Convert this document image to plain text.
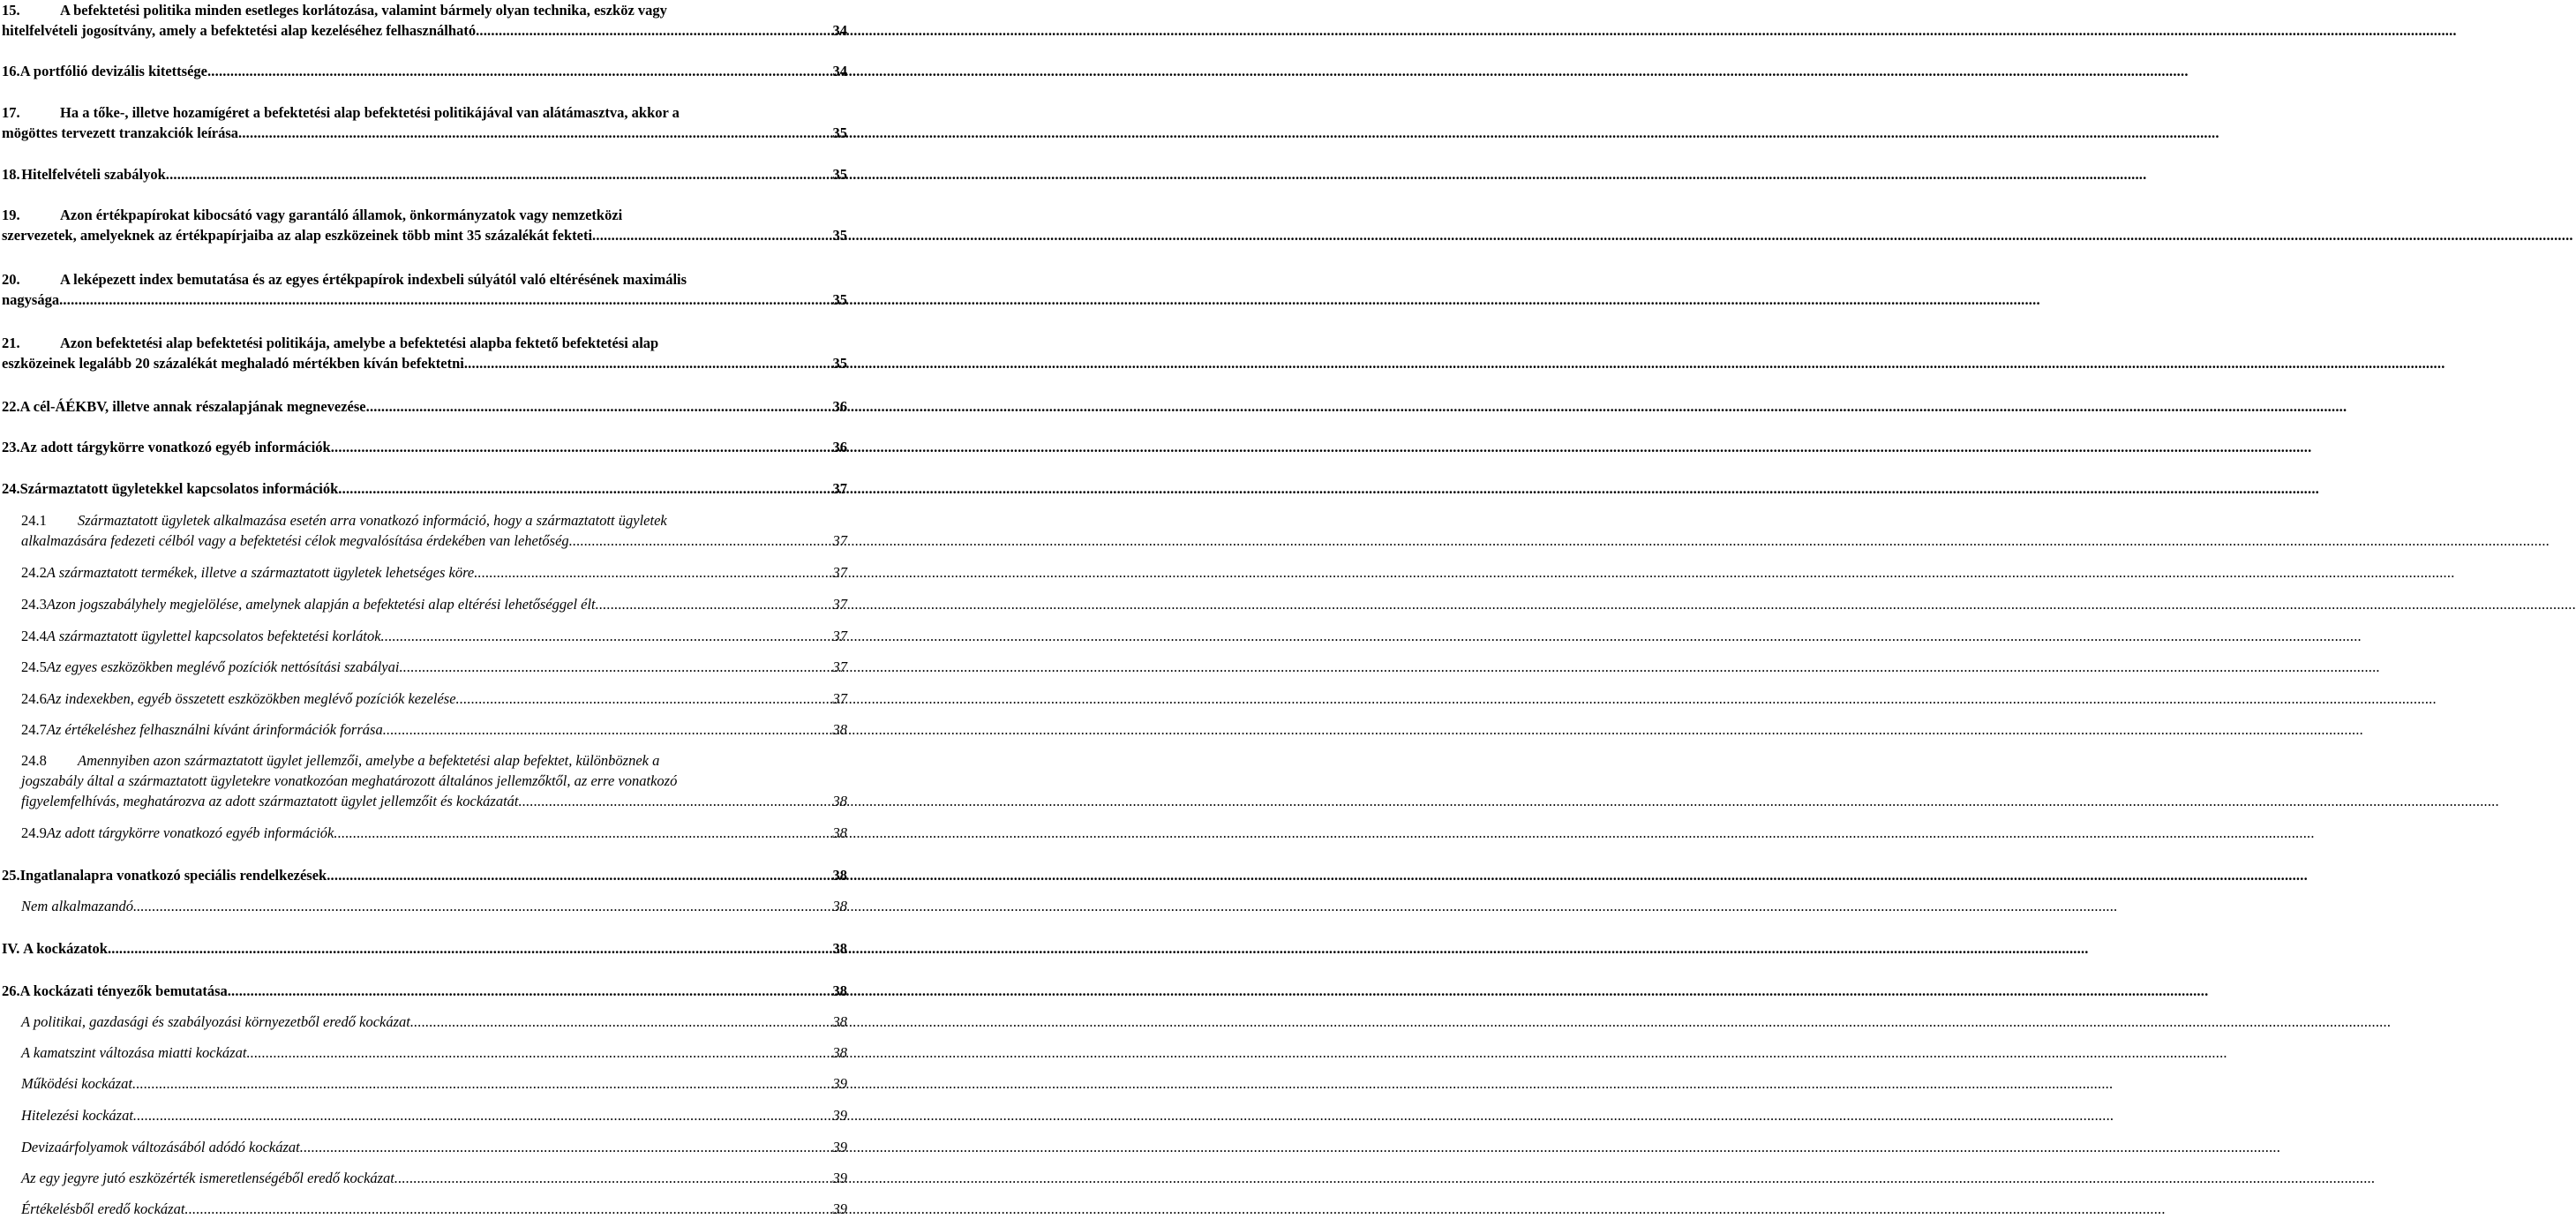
15.	A befektetési politika minden esetleges korlátozása, valamint bármely olyan technika, eszköz vagy
hitelfelvételi jogosítvány, amely a befektetési alap kezeléséhez felhasználható .....	34
16. A portfólió devizális kitettsége .....	34
17.	Ha a tőke-, illetve hozamígéret a befektetési alap befektetési politikájával van alátámasztva, akkor a
mögöttes tervezett tranzakciók leírása .....	35
18. Hitelfelvételi szabályok .....	35
19.	Azon értékpapírokat kibocsátó vagy garantáló államok, önkormányzatok vagy nemzetközi
szervezetek, amelyeknek az értékpapírjaiba az alap eszközeinek több mint 35 százalékát fekteti .....	35
20.	A leképezett index bemutatása és az egyes értékpapírok indexbeli súlyától való eltérésének maximális
nagysága .....	35
21.	Azon befektetési alap befektetési politikája, amelybe a befektetési alapba fektető befektetési alap
eszközeinek legalább 20 százalékát meghaladó mértékben kíván befektetni .....	35
22. A cél-ÁÉKBV, illetve annak részalapjának megnevezése .....	36
23. Az adott tárgykörre vonatkozó egyéb információk .....	36
24. Származtatott ügyletekkel kapcsolatos információk .....	37
24.1	Származtatott ügyletek alkalmazása esetén arra vonatkozó információ, hogy a származtatott ügyletek
alkalmazására fedezeti célból vagy a befektetési célok megvalósítása érdekében van lehetőség .....	37
24.2 A származtatott termékek, illetve a származtatott ügyletek lehetséges köre .....	37
24.3 Azon jogszabályhely megjelölése, amelynek alapján a befektetési alap eltérési lehetőséggel élt .....	37
24.4 A származtatott ügylettel kapcsolatos befektetési korlátok .....	37
24.5 Az egyes eszközökben meglévő pozíciók nettósítási szabályai .....	37
24.6 Az indexekben, egyéb összetett eszközökben meglévő pozíciók kezelése .....	37
24.7 Az értékeléshez felhasználni kívánt árinformációk forrása .....	38
24.8	Amennyiben azon származtatott ügylet jellemzői, amelybe a befektetési alap befektet, különböznek a
jogszabály által a származtatott ügyletekre vonatkozóan meghatározott általános jellemzőktől, az erre vonatkozó
figyelemfelhívás, meghatározva az adott származtatott ügylet jellemzőit és kockázatát .....	38
24.9 Az adott tárgykörre vonatkozó egyéb információk .....	38
25. Ingatlanalapra vonatkozó speciális rendelkezések .....	38
Nem alkalmazandó. .....	38
IV. A kockázatok .....	38
26. A kockázati tényezők bemutatása .....	38
A politikai, gazdasági és szabályozási környezetből eredő kockázat .....	38
A kamatszint változása miatti kockázat .....	38
Működési kockázat .....	39
Hitelezési kockázat .....	39
Devizaárfolyamok változásából adódó kockázat .....	39
Az egy jegyre jutó eszközérték ismeretlenségéből eredő kockázat .....	39
Értékelésből eredő kockázat .....	39
